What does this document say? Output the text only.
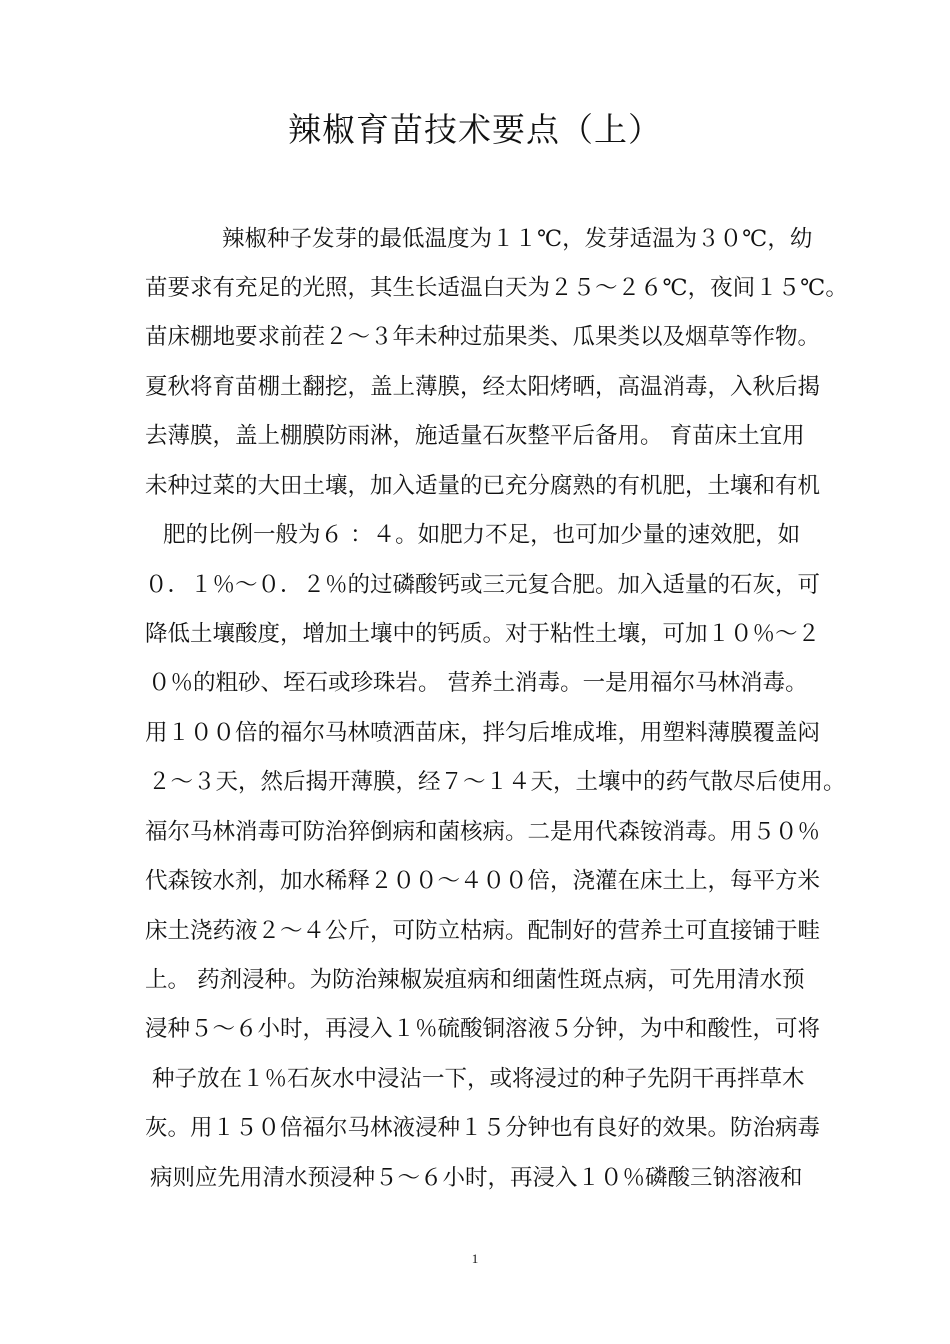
辣椒育苗技术要点（上）
辣椒种子发芽的最低温度为１１℃，发芽适温为３０℃，幼
苗要求有充足的光照，其生长适温白天为２５～２６℃，夜间１５℃。
苗床棚地要求前茬２～３年未种过茄果类、瓜果类以及烟草等作物。
夏秋将育苗棚土翻挖，盖上薄膜，经太阳烤晒，高温消毒，入秋后揭
去薄膜，盖上棚膜防雨淋，施适量石灰整平后备用。 育苗床土宜用
未种过菜的大田土壤，加入适量的已充分腐熟的有机肥，土壤和有机
肥的比例一般为６ ：４。如肥力不足，也可加少量的速效肥，如
０．１％～０．２％的过磷酸钙或三元复合肥。加入适量的石灰，可
降低土壤酸度，增加土壤中的钙质。对于粘性土壤，可加１０％～２
０％的粗砂、垤石或珍珠岩。 营养土消毒。一是用福尔马林消毒。
用１００倍的福尔马林喷洒苗床，拌匀后堆成堆，用塑料薄膜覆盖闷
２～３天，然后揭开薄膜，经７～１４天，土壤中的药气散尽后使用。
福尔马林消毒可防治猝倒病和菌核病。二是用代森铵消毒。用５０％
代森铵水剂，加水稀释２００～４００倍，浇灌在床土上，每平方米
床土浇药液２～４公斤，可防立枯病。配制好的营养土可直接铺于畦
上。 药剂浸种。为防治辣椒炭疽病和细菌性斑点病，可先用清水预
浸种５～６小时，再浸入１％硫酸铜溶液５分钟，为中和酸性，可将
种子放在１％石灰水中浸沾一下，或将浸过的种子先阴干再拌草木
灰。用１５０倍福尔马林液浸种１５分钟也有良好的效果。防治病毒
病则应先用清水预浸种５～６小时，再浸入１０％磷酸三钠溶液和
1
